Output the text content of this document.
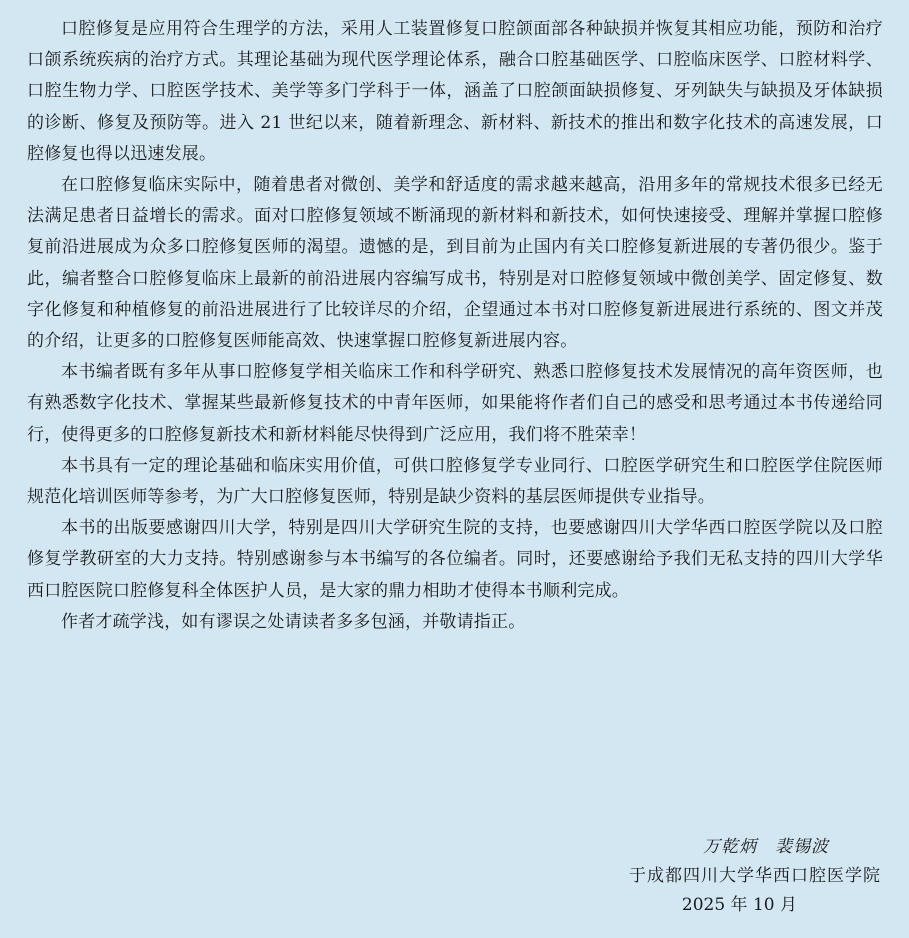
口腔修复是应用符合生理学的方法，采用人工装置修复口腔颌面部各种缺损并恢复其相应功能，预防和治疗口颌系统疾病的治疗方式。其理论基础为现代医学理论体系，融合口腔基础医学、口腔临床医学、口腔材料学、口腔生物力学、口腔医学技术、美学等多门学科于一体，涵盖了口腔颌面缺损修复、牙列缺失与缺损及牙体缺损的诊断、修复及预防等。进入 21 世纪以来，随着新理念、新材料、新技术的推出和数字化技术的高速发展，口腔修复也得以迅速发展。

在口腔修复临床实际中，随着患者对微创、美学和舒适度的需求越来越高，沿用多年的常规技术很多已经无法满足患者日益增长的需求。面对口腔修复领域不断涌现的新材料和新技术，如何快速接受、理解并掌握口腔修复前沿进展成为众多口腔修复医师的渴望。遗憾的是，到目前为止国内有关口腔修复新进展的专著仍很少。鉴于此，编者整合口腔修复临床上最新的前沿进展内容编写成书，特别是对口腔修复领域中微创美学、固定修复、数字化修复和种植修复的前沿进展进行了比较详尽的介绍，企望通过本书对口腔修复新进展进行系统的、图文并茂的介绍，让更多的口腔修复医师能高效、快速掌握口腔修复新进展内容。

本书编者既有多年从事口腔修复学相关临床工作和科学研究、熟悉口腔修复技术发展情况的高年资医师，也有熟悉数字化技术、掌握某些最新修复技术的中青年医师，如果能将作者们自己的感受和思考通过本书传递给同行，使得更多的口腔修复新技术和新材料能尽快得到广泛应用，我们将不胜荣幸！

本书具有一定的理论基础和临床实用价值，可供口腔修复学专业同行、口腔医学研究生和口腔医学住院医师规范化培训医师等参考，为广大口腔修复医师，特别是缺少资料的基层医师提供专业指导。

本书的出版要感谢四川大学，特别是四川大学研究生院的支持，也要感谢四川大学华西口腔医学院以及口腔修复学教研室的大力支持。特别感谢参与本书编写的各位编者。同时，还要感谢给予我们无私支持的四川大学华西口腔医院口腔修复科全体医护人员，是大家的鼎力相助才使得本书顺利完成。

作者才疏学浅，如有谬误之处请读者多多包涵，并敬请指正。

万乾炳　裴锡波
于成都四川大学华西口腔医学院
2025 年 10 月
